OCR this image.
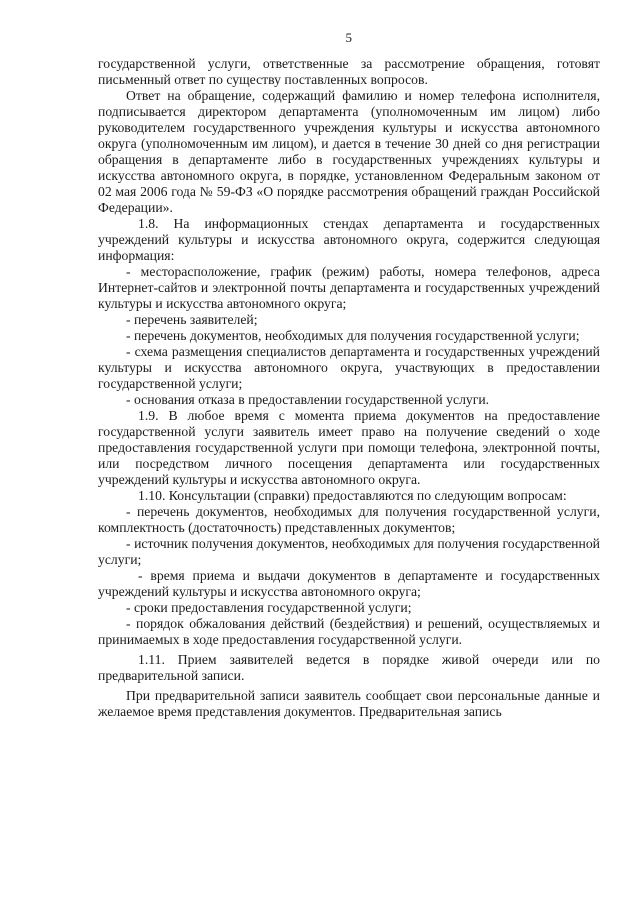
5

государственной услуги, ответственные за рассмотрение обращения, готовят письменный ответ по существу поставленных вопросов.

Ответ на обращение, содержащий фамилию и номер телефона исполнителя, подписывается директором департамента (уполномоченным им лицом) либо руководителем государственного учреждения культуры и искусства автономного округа (уполномоченным им лицом), и дается в течение 30 дней со дня регистрации обращения в департаменте либо в государственных учреждениях культуры и искусства автономного округа, в порядке, установленном Федеральным законом от 02 мая 2006 года № 59-ФЗ «О порядке рассмотрения обращений граждан Российской Федерации».

1.8. На информационных стендах департамента и государственных учреждений культуры и искусства автономного округа, содержится следующая информация:

- месторасположение, график (режим) работы, номера телефонов, адреса Интернет-сайтов и электронной почты департамента и государственных учреждений культуры и искусства автономного округа;

- перечень заявителей;

- перечень документов, необходимых для получения государственной услуги;

- схема размещения специалистов департамента и государственных учреждений культуры и искусства автономного округа, участвующих в предоставлении государственной услуги;

- основания отказа в предоставлении государственной услуги.

1.9. В любое время с момента приема документов на предоставление государственной услуги заявитель имеет право на получение сведений о ходе предоставления государственной услуги при помощи телефона, электронной почты, или посредством личного посещения департамента или государственных учреждений культуры и искусства автономного округа.

1.10. Консультации (справки) предоставляются по следующим вопросам:

- перечень документов, необходимых для получения государственной услуги, комплектность (достаточность) представленных документов;

- источник получения документов, необходимых для получения государственной услуги;

- время приема и выдачи документов в департаменте и государственных учреждений культуры и искусства автономного округа;

- сроки предоставления государственной услуги;

- порядок обжалования действий (бездействия) и решений, осуществляемых и принимаемых в ходе предоставления государственной услуги.

1.11. Прием заявителей ведется в порядке живой очереди или по предварительной записи.

При предварительной записи заявитель сообщает свои персональные данные и желаемое время представления документов. Предварительная запись
